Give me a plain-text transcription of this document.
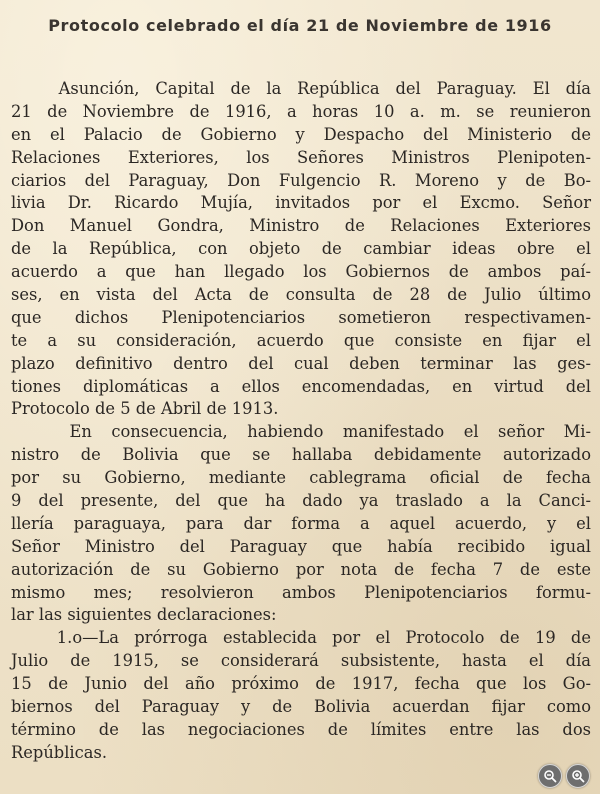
Protocolo celebrado el día 21 de Noviembre de 1916
Asunción, Capital de la República del Paraguay. El día
21 de Noviembre de 1916, a horas 10 a. m. se reunieron
en el Palacio de Gobierno y Despacho del Ministerio de
Relaciones Exteriores, los Señores Ministros Plenipoten-
ciarios del Paraguay, Don Fulgencio R. Moreno y de Bo-
livia Dr. Ricardo Mujía, invitados por el Excmo. Señor
Don Manuel Gondra, Ministro de Relaciones Exteriores
de la República, con objeto de cambiar ideas obre el
acuerdo a que han llegado los Gobiernos de ambos paí-
ses, en vista del Acta de consulta de 28 de Julio último
que dichos Plenipotenciarios sometieron respectivamen-
te a su consideración, acuerdo que consiste en fijar el
plazo definitivo dentro del cual deben terminar las ges-
tiones diplomáticas a ellos encomendadas, en virtud del
Protocolo de 5 de Abril de 1913.
En consecuencia, habiendo manifestado el señor Mi-
nistro de Bolivia que se hallaba debidamente autorizado
por su Gobierno, mediante cablegrama oficial de fecha
9 del presente, del que ha dado ya traslado a la Canci-
llería paraguaya, para dar forma a aquel acuerdo, y el
Señor Ministro del Paraguay que había recibido igual
autorización de su Gobierno por nota de fecha 7 de este
mismo mes; resolvieron ambos Plenipotenciarios formu-
lar las siguientes declaraciones:
1.o—La prórroga establecida por el Protocolo de 19 de
Julio de 1915, se considerará subsistente, hasta el día
15 de Junio del año próximo de 1917, fecha que los Go-
biernos del Paraguay y de Bolivia acuerdan fijar como
término de las negociaciones de límites entre las dos
Repúblicas.
